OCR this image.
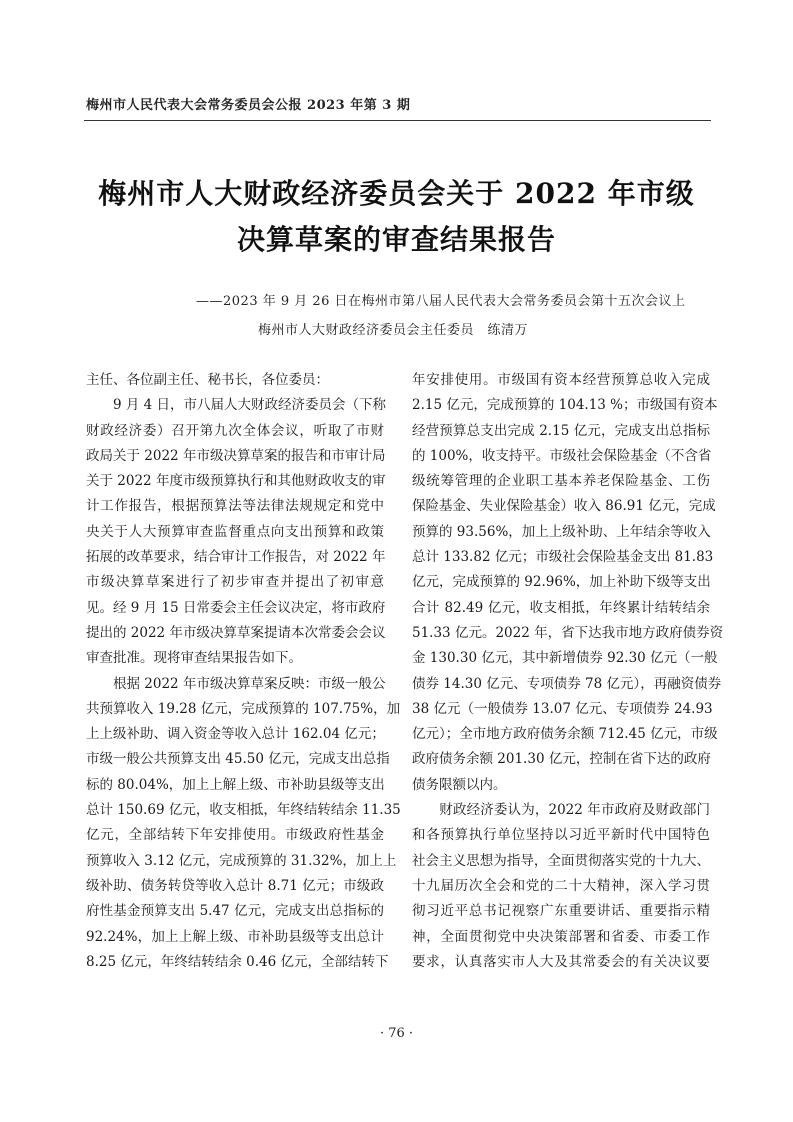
梅州市人民代表大会常务委员会公报 2023 年第 3 期
梅州市人大财政经济委员会关于 2022 年市级
决算草案的审查结果报告
——2023 年 9 月 26 日在梅州市第八届人民代表大会常务委员会第十五次会议上
梅州市人大财政经济委员会主任委员　练清万
主任、各位副主任、秘书长，各位委员：
　　9 月 4 日，市八届人大财政经济委员会（下称
财政经济委）召开第九次全体会议，听取了市财
政局关于 2022 年市级决算草案的报告和市审计局
关于 2022 年度市级预算执行和其他财政收支的审
计工作报告，根据预算法等法律法规规定和党中
央关于人大预算审查监督重点向支出预算和政策
拓展的改革要求，结合审计工作报告，对 2022 年
市级决算草案进行了初步审查并提出了初审意
见。经 9 月 15 日常委会主任会议决定，将市政府
提出的 2022 年市级决算草案提请本次常委会会议
审查批准。现将审查结果报告如下。
　　根据 2022 年市级决算草案反映：市级一般公
共预算收入 19.28 亿元，完成预算的 107.75%，加
上上级补助、调入资金等收入总计 162.04 亿元；
市级一般公共预算支出 45.50 亿元，完成支出总指
标的 80.04%，加上上解上级、市补助县级等支出
总计 150.69 亿元，收支相抵，年终结转结余 11.35
亿元，全部结转下年安排使用。市级政府性基金
预算收入 3.12 亿元，完成预算的 31.32%，加上上
级补助、债务转贷等收入总计 8.71 亿元；市级政
府性基金预算支出 5.47 亿元，完成支出总指标的
92.24%，加上上解上级、市补助县级等支出总计
8.25 亿元，年终结转结余 0.46 亿元，全部结转下
年安排使用。市级国有资本经营预算总收入完成
2.15 亿元，完成预算的 104.13 %；市级国有资本
经营预算总支出完成 2.15 亿元，完成支出总指标
的 100%，收支持平。市级社会保险基金（不含省
级统筹管理的企业职工基本养老保险基金、工伤
保险基金、失业保险基金）收入 86.91 亿元，完成
预算的 93.56%，加上上级补助、上年结余等收入
总计 133.82 亿元；市级社会保险基金支出 81.83
亿元，完成预算的 92.96%，加上补助下级等支出
合计 82.49 亿元，收支相抵，年终累计结转结余
51.33 亿元。2022 年，省下达我市地方政府债券资
金 130.30 亿元，其中新增债券 92.30 亿元（一般
债券 14.30 亿元、专项债券 78 亿元），再融资债券
38 亿元（一般债券 13.07 亿元、专项债券 24.93
亿元）；全市地方政府债务余额 712.45 亿元，市级
政府债务余额 201.30 亿元，控制在省下达的政府
债务限额以内。
　　财政经济委认为，2022 年市政府及财政部门
和各预算执行单位坚持以习近平新时代中国特色
社会主义思想为指导，全面贯彻落实党的十九大、
十九届历次全会和党的二十大精神，深入学习贯
彻习近平总书记视察广东重要讲话、重要指示精
神，全面贯彻党中央决策部署和省委、市委工作
要求，认真落实市人大及其常委会的有关决议要
· 76 ·
